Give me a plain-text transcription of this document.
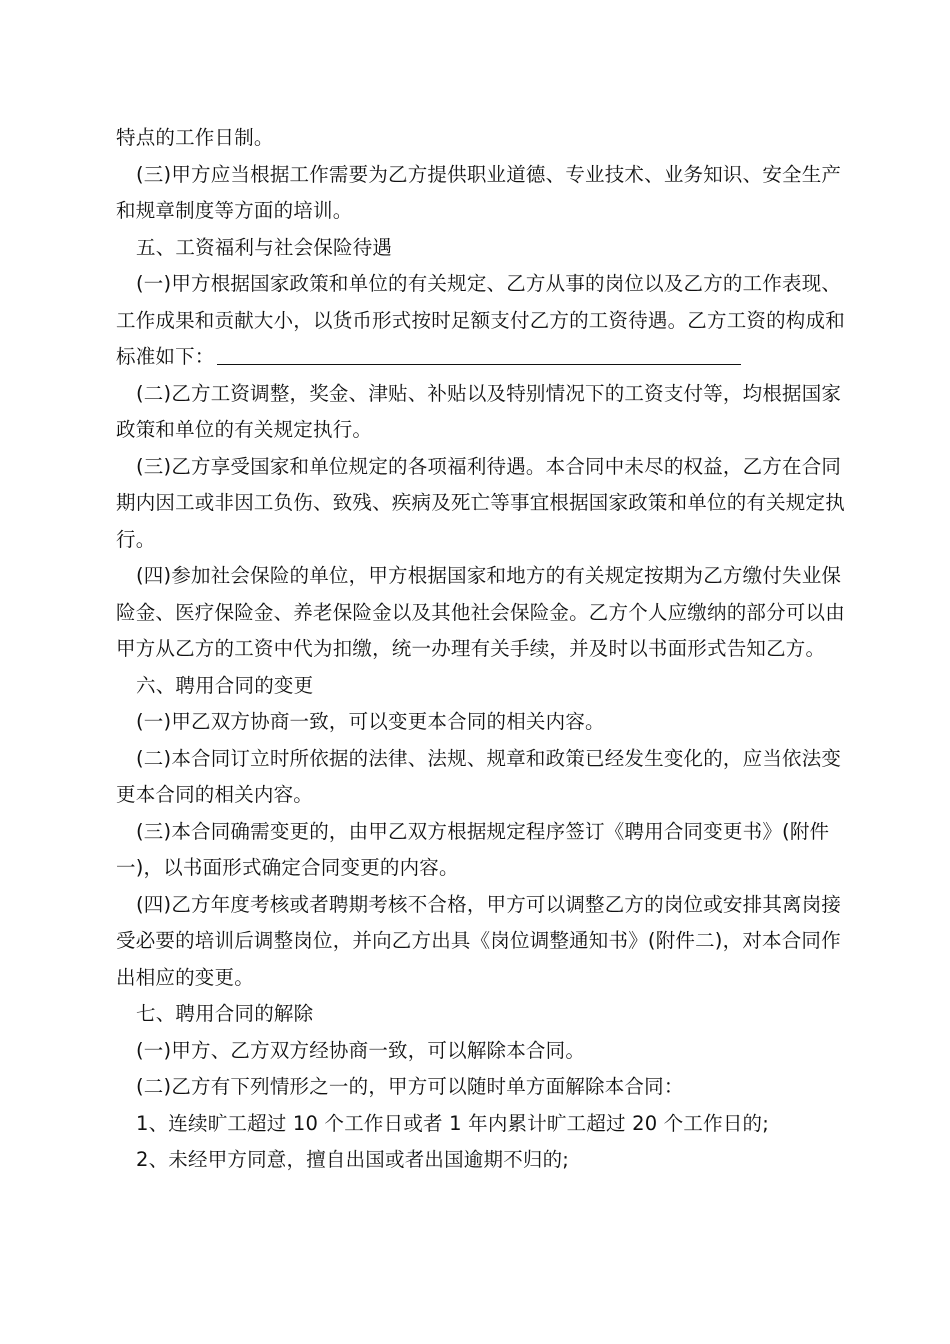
特点的工作日制。
(三)甲方应当根据工作需要为乙方提供职业道德、专业技术、业务知识、安全生产
和规章制度等方面的培训。
五、工资福利与社会保险待遇
(一)甲方根据国家政策和单位的有关规定、乙方从事的岗位以及乙方的工作表现、
工作成果和贡献大小，以货币形式按时足额支付乙方的工资待遇。乙方工资的构成和
标准如下：
(二)乙方工资调整，奖金、津贴、补贴以及特别情况下的工资支付等，均根据国家
政策和单位的有关规定执行。
(三)乙方享受国家和单位规定的各项福利待遇。本合同中未尽的权益，乙方在合同
期内因工或非因工负伤、致残、疾病及死亡等事宜根据国家政策和单位的有关规定执
行。
(四)参加社会保险的单位，甲方根据国家和地方的有关规定按期为乙方缴付失业保
险金、医疗保险金、养老保险金以及其他社会保险金。乙方个人应缴纳的部分可以由
甲方从乙方的工资中代为扣缴，统一办理有关手续，并及时以书面形式告知乙方。
六、聘用合同的变更
(一)甲乙双方协商一致，可以变更本合同的相关内容。
(二)本合同订立时所依据的法律、法规、规章和政策已经发生变化的，应当依法变
更本合同的相关内容。
(三)本合同确需变更的，由甲乙双方根据规定程序签订《聘用合同变更书》(附件
一)，以书面形式确定合同变更的内容。
(四)乙方年度考核或者聘期考核不合格，甲方可以调整乙方的岗位或安排其离岗接
受必要的培训后调整岗位，并向乙方出具《岗位调整通知书》(附件二)，对本合同作
出相应的变更。
七、聘用合同的解除
(一)甲方、乙方双方经协商一致，可以解除本合同。
(二)乙方有下列情形之一的，甲方可以随时单方面解除本合同：
1、连续旷工超过 10 个工作日或者 1 年内累计旷工超过 20 个工作日的;
2、未经甲方同意，擅自出国或者出国逾期不归的;
